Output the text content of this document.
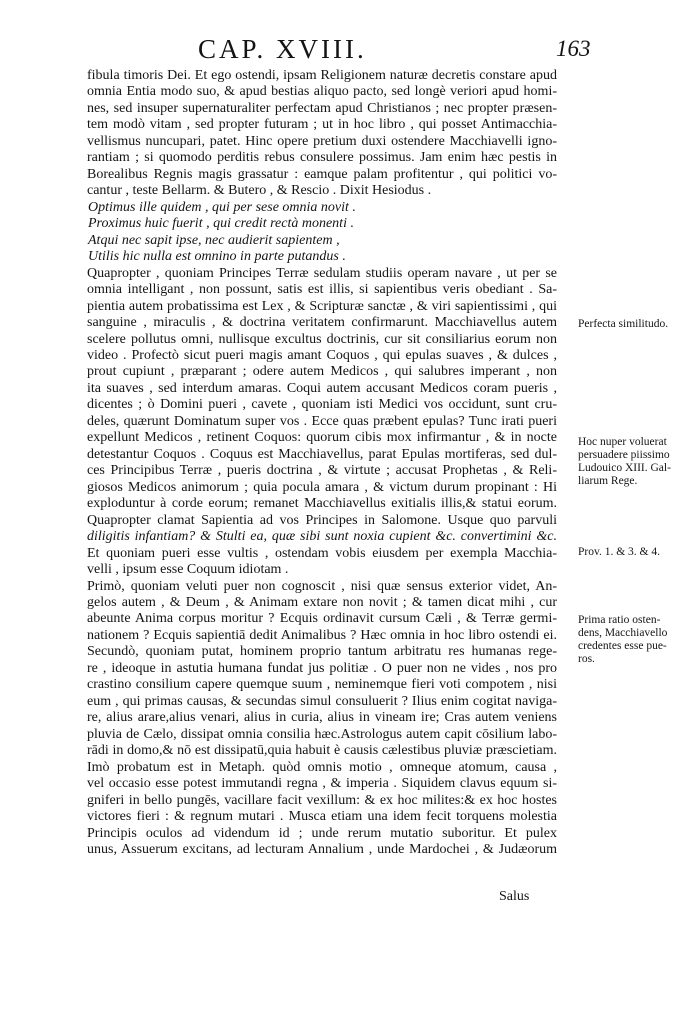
CAP. XVIII.	163
fibula timoris Dei. Et ego ostendi, ipsam Religionem naturæ decretis constare apud
omnia Entia modo suo, & apud bestias aliquo pacto, sed longè veriori apud homi-
nes, sed insuper supernaturaliter perfectam apud Christianos ; nec propter præsen-
tem modò vitam , sed propter futuram ; ut in hoc libro , qui posset Antimacchia-
vellismus nuncupari, patet. Hinc opere pretium duxi ostendere Macchiavelli igno-
rantiam ; si quomodo perditis rebus consulere possimus. Jam enim hæc pestis in
Borealibus Regnis magis grassatur : eamque palam profitentur , qui politici vo-
cantur , teste Bellarm. & Butero , & Rescio . Dixit Hesiodus .
Optimus ille quidem , qui per sese omnia novit .
Proximus huic fuerit , qui credit rectà monenti .
Atqui nec sapit ipse, nec audierit sapientem ,
Utilis hic nulla est omnino in parte putandus .
Quapropter , quoniam Principes Terræ sedulam studiis operam navare , ut per se
omnia intelligant , non possunt, satis est illis, si sapientibus veris obediant . Sa-
pientia autem probatissima est Lex , & Scripturæ sanctæ , & viri sapientissimi , qui
sanguine , miraculis , & doctrina veritatem confirmarunt. Macchiavellus autem
scelere pollutus omni, nullisque excultus doctrinis, cur sit consiliarius eorum non
video . Profectò sicut pueri magis amant Coquos , qui epulas suaves , & dulces ,
prout cupiunt , præparant ; odere autem Medicos , qui salubres imperant , non
ita suaves , sed interdum amaras. Coqui autem accusant Medicos coram pueris ,
dicentes ; ò Domini pueri , cavete , quoniam isti Medici vos occidunt, sunt cru-
deles, quærunt Dominatum super vos . Ecce quas præbent epulas? Tunc irati pueri
expellunt Medicos , retinent Coquos: quorum cibis mox infirmantur , & in nocte
detestantur Coquos . Coquus est Macchiavellus, parat Epulas mortiferas, sed dul-
ces Principibus Terræ , pueris doctrina , & virtute ; accusat Prophetas , & Reli-
giosos Medicos animorum ; quia pocula amara , & victum durum propinant : Hi
exploduntur à corde eorum; remanet Macchiavellus exitialis illis,& statui eorum.
Quapropter clamat Sapientia ad vos Principes in Salomone. Usque quo parvuli
diligitis infantiam? & Stulti ea, quæ sibi sunt noxia cupient &c. convertimini &c.
Et quoniam pueri esse vultis , ostendam vobis eiusdem per exempla Macchia-
velli , ipsum esse Coquum idiotam .
Primò, quoniam veluti puer non cognoscit , nisi quæ sensus exterior videt, An-
gelos autem , & Deum , & Animam extare non novit ; & tamen dicat mihi , cur
abeunte Anima corpus moritur ? Ecquis ordinavit cursum Cæli , & Terræ germi-
nationem ? Ecquis sapientiā dedit Animalibus ? Hæc omnia in hoc libro ostendi ei.
Secundò, quoniam putat, hominem proprio tantum arbitratu res humanas rege-
re , ideoque in astutia humana fundat jus politiæ . O puer non ne vides , nos pro
crastino consilium capere quemque suum , neminemque fieri voti compotem , nisi
eum , qui primas causas, & secundas simul consuluerit ? Ilius enim cogitat naviga-
re, alius arare,alius venari, alius in curia, alius in vineam ire; Cras autem veniens
pluvia de Cælo, dissipat omnia consilia hæc.Astrologus autem capit cōsilium labo-
rādi in domo,& nō est dissipatū,quia habuit è causis cælestibus pluviæ præscietiam.
Imò probatum est in Metaph. quòd omnis motio , omneque atomum, causa ,
vel occasio esse potest immutandi regna , & imperia . Siquidem clavus equum si-
gniferi in bello pungēs, vacillare facit vexillum: & ex hoc milites:& ex hoc hostes
victores fieri : & regnum mutari . Musca etiam una idem fecit torquens molestia
Principis oculos ad videndum id ; unde rerum mutatio suboritur. Et pulex
unus, Assuerum excitans, ad lecturam Annalium , unde Mardochei , & Judæorum
Salus
Perfecta similitudo.
Hoc nuper voluerat
persuadere piissimo
Ludouico XIII. Gal-
liarum Rege.
Prov. 1. & 3. & 4.
Prima ratio osten-
dens, Macchiavello
credentes esse pue-
ros.
